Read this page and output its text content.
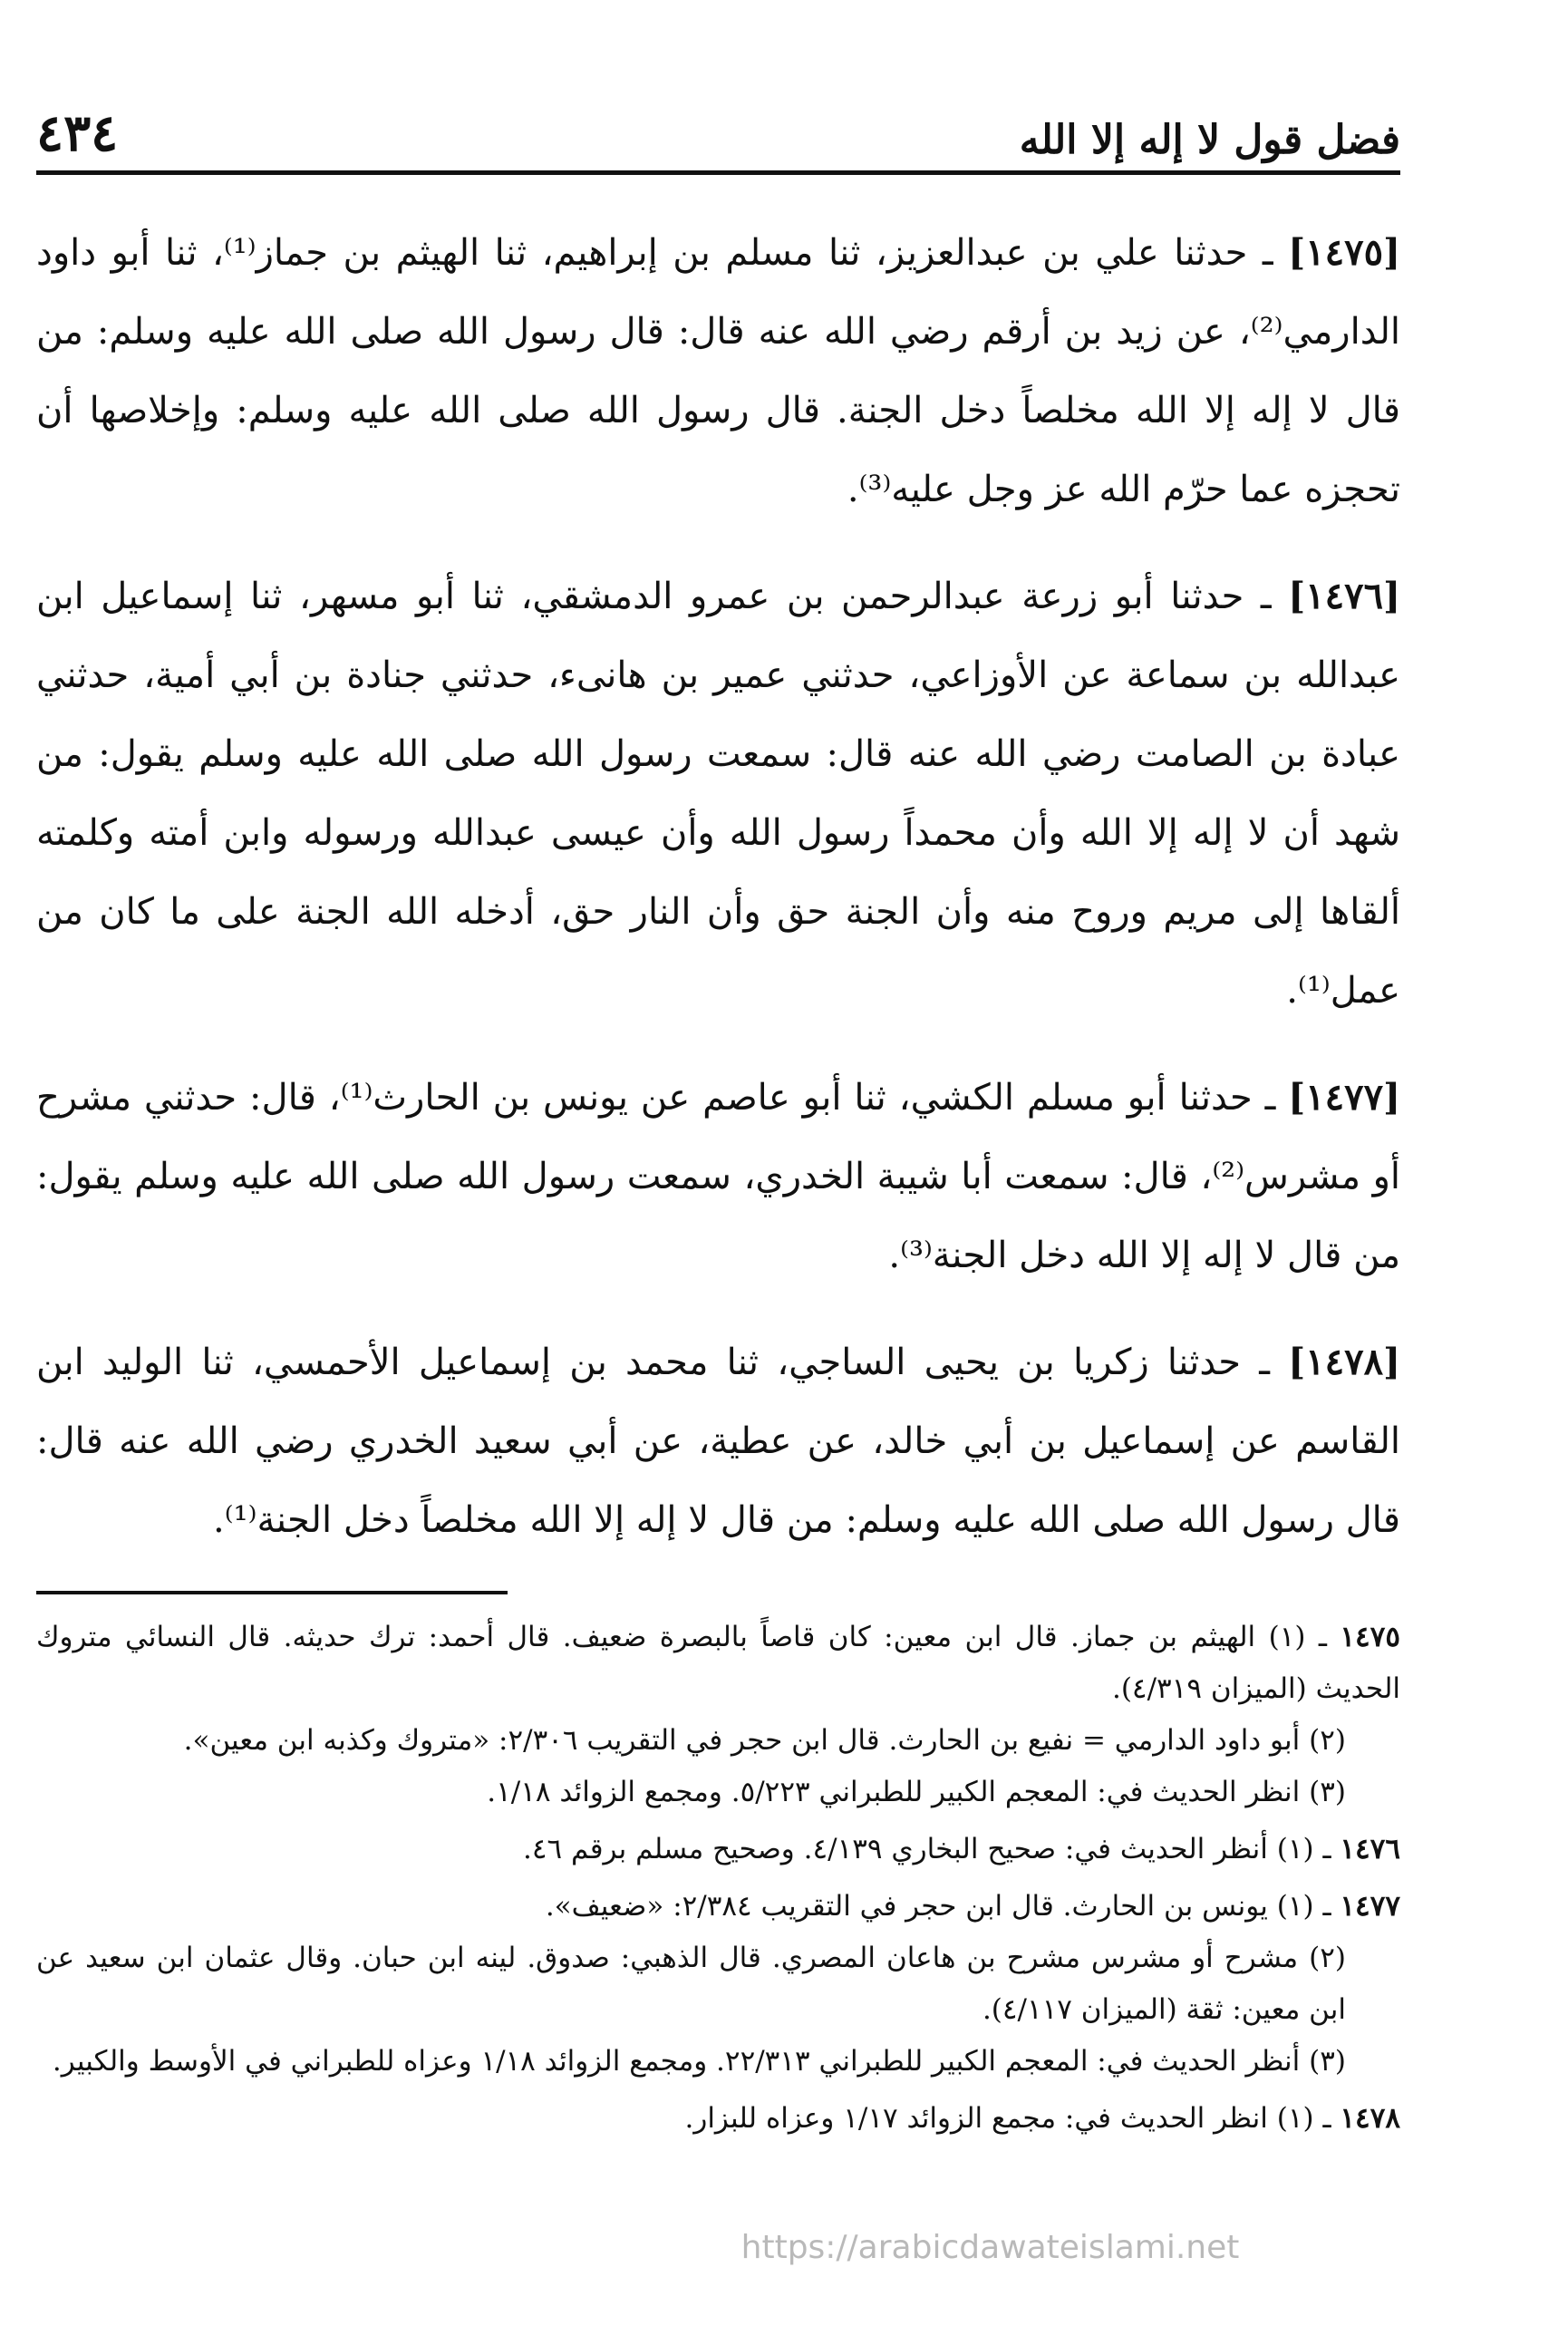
فضل قول لا إله إلا الله
٤٣٤

[١٤٧٥] ـ حدثنا علي بن عبدالعزيز، ثنا مسلم بن إبراهيم، ثنا الهيثم بن جماز⁽¹⁾، ثنا أبو داود الدارمي⁽²⁾، عن زيد بن أرقم رضي الله عنه قال: قال رسول الله صلى الله عليه وسلم: من قال لا إله إلا الله مخلصاً دخل الجنة. قال رسول الله صلى الله عليه وسلم: وإخلاصها أن تحجزه عما حرّم الله عز وجل عليه⁽³⁾.

[١٤٧٦] ـ حدثنا أبو زرعة عبدالرحمن بن عمرو الدمشقي، ثنا أبو مسهر، ثنا إسماعيل ابن عبدالله بن سماعة عن الأوزاعي، حدثني عمير بن هانىء، حدثني جنادة بن أبي أمية، حدثني عبادة بن الصامت رضي الله عنه قال: سمعت رسول الله صلى الله عليه وسلم يقول: من شهد أن لا إله إلا الله وأن محمداً رسول الله وأن عيسى عبدالله ورسوله وابن أمته وكلمته ألقاها إلى مريم وروح منه وأن الجنة حق وأن النار حق، أدخله الله الجنة على ما كان من عمل⁽¹⁾.

[١٤٧٧] ـ حدثنا أبو مسلم الكشي، ثنا أبو عاصم عن يونس بن الحارث⁽¹⁾، قال: حدثني مشرح أو مشرس⁽²⁾، قال: سمعت أبا شيبة الخدري، سمعت رسول الله صلى الله عليه وسلم يقول: من قال لا إله إلا الله دخل الجنة⁽³⁾.

[١٤٧٨] ـ حدثنا زكريا بن يحيى الساجي، ثنا محمد بن إسماعيل الأحمسي، ثنا الوليد ابن القاسم عن إسماعيل بن أبي خالد، عن عطية، عن أبي سعيد الخدري رضي الله عنه قال: قال رسول الله صلى الله عليه وسلم: من قال لا إله إلا الله مخلصاً دخل الجنة⁽¹⁾.

١٤٧٥ ـ (١) الهيثم بن جماز. قال ابن معين: كان قاصاً بالبصرة ضعيف. قال أحمد: ترك حديثه. قال النسائي متروك الحديث (الميزان ٤/٣١٩).
(٢) أبو داود الدارمي = نفيع بن الحارث. قال ابن حجر في التقريب ٢/٣٠٦: «متروك وكذبه ابن معين».
(٣) انظر الحديث في: المعجم الكبير للطبراني ٥/٢٢٣. ومجمع الزوائد ١/١٨.
١٤٧٦ ـ (١) أنظر الحديث في: صحيح البخاري ٤/١٣٩. وصحيح مسلم برقم ٤٦.
١٤٧٧ ـ (١) يونس بن الحارث. قال ابن حجر في التقريب ٢/٣٨٤: «ضعيف».
(٢) مشرح أو مشرس مشرح بن هاعان المصري. قال الذهبي: صدوق. لينه ابن حبان. وقال عثمان ابن سعيد عن ابن معين: ثقة (الميزان ٤/١١٧).
(٣) أنظر الحديث في: المعجم الكبير للطبراني ٢٢/٣١٣. ومجمع الزوائد ١/١٨ وعزاه للطبراني في الأوسط والكبير.
١٤٧٨ ـ (١) انظر الحديث في: مجمع الزوائد ١/١٧ وعزاه للبزار.
https://arabicdawateislami.net
